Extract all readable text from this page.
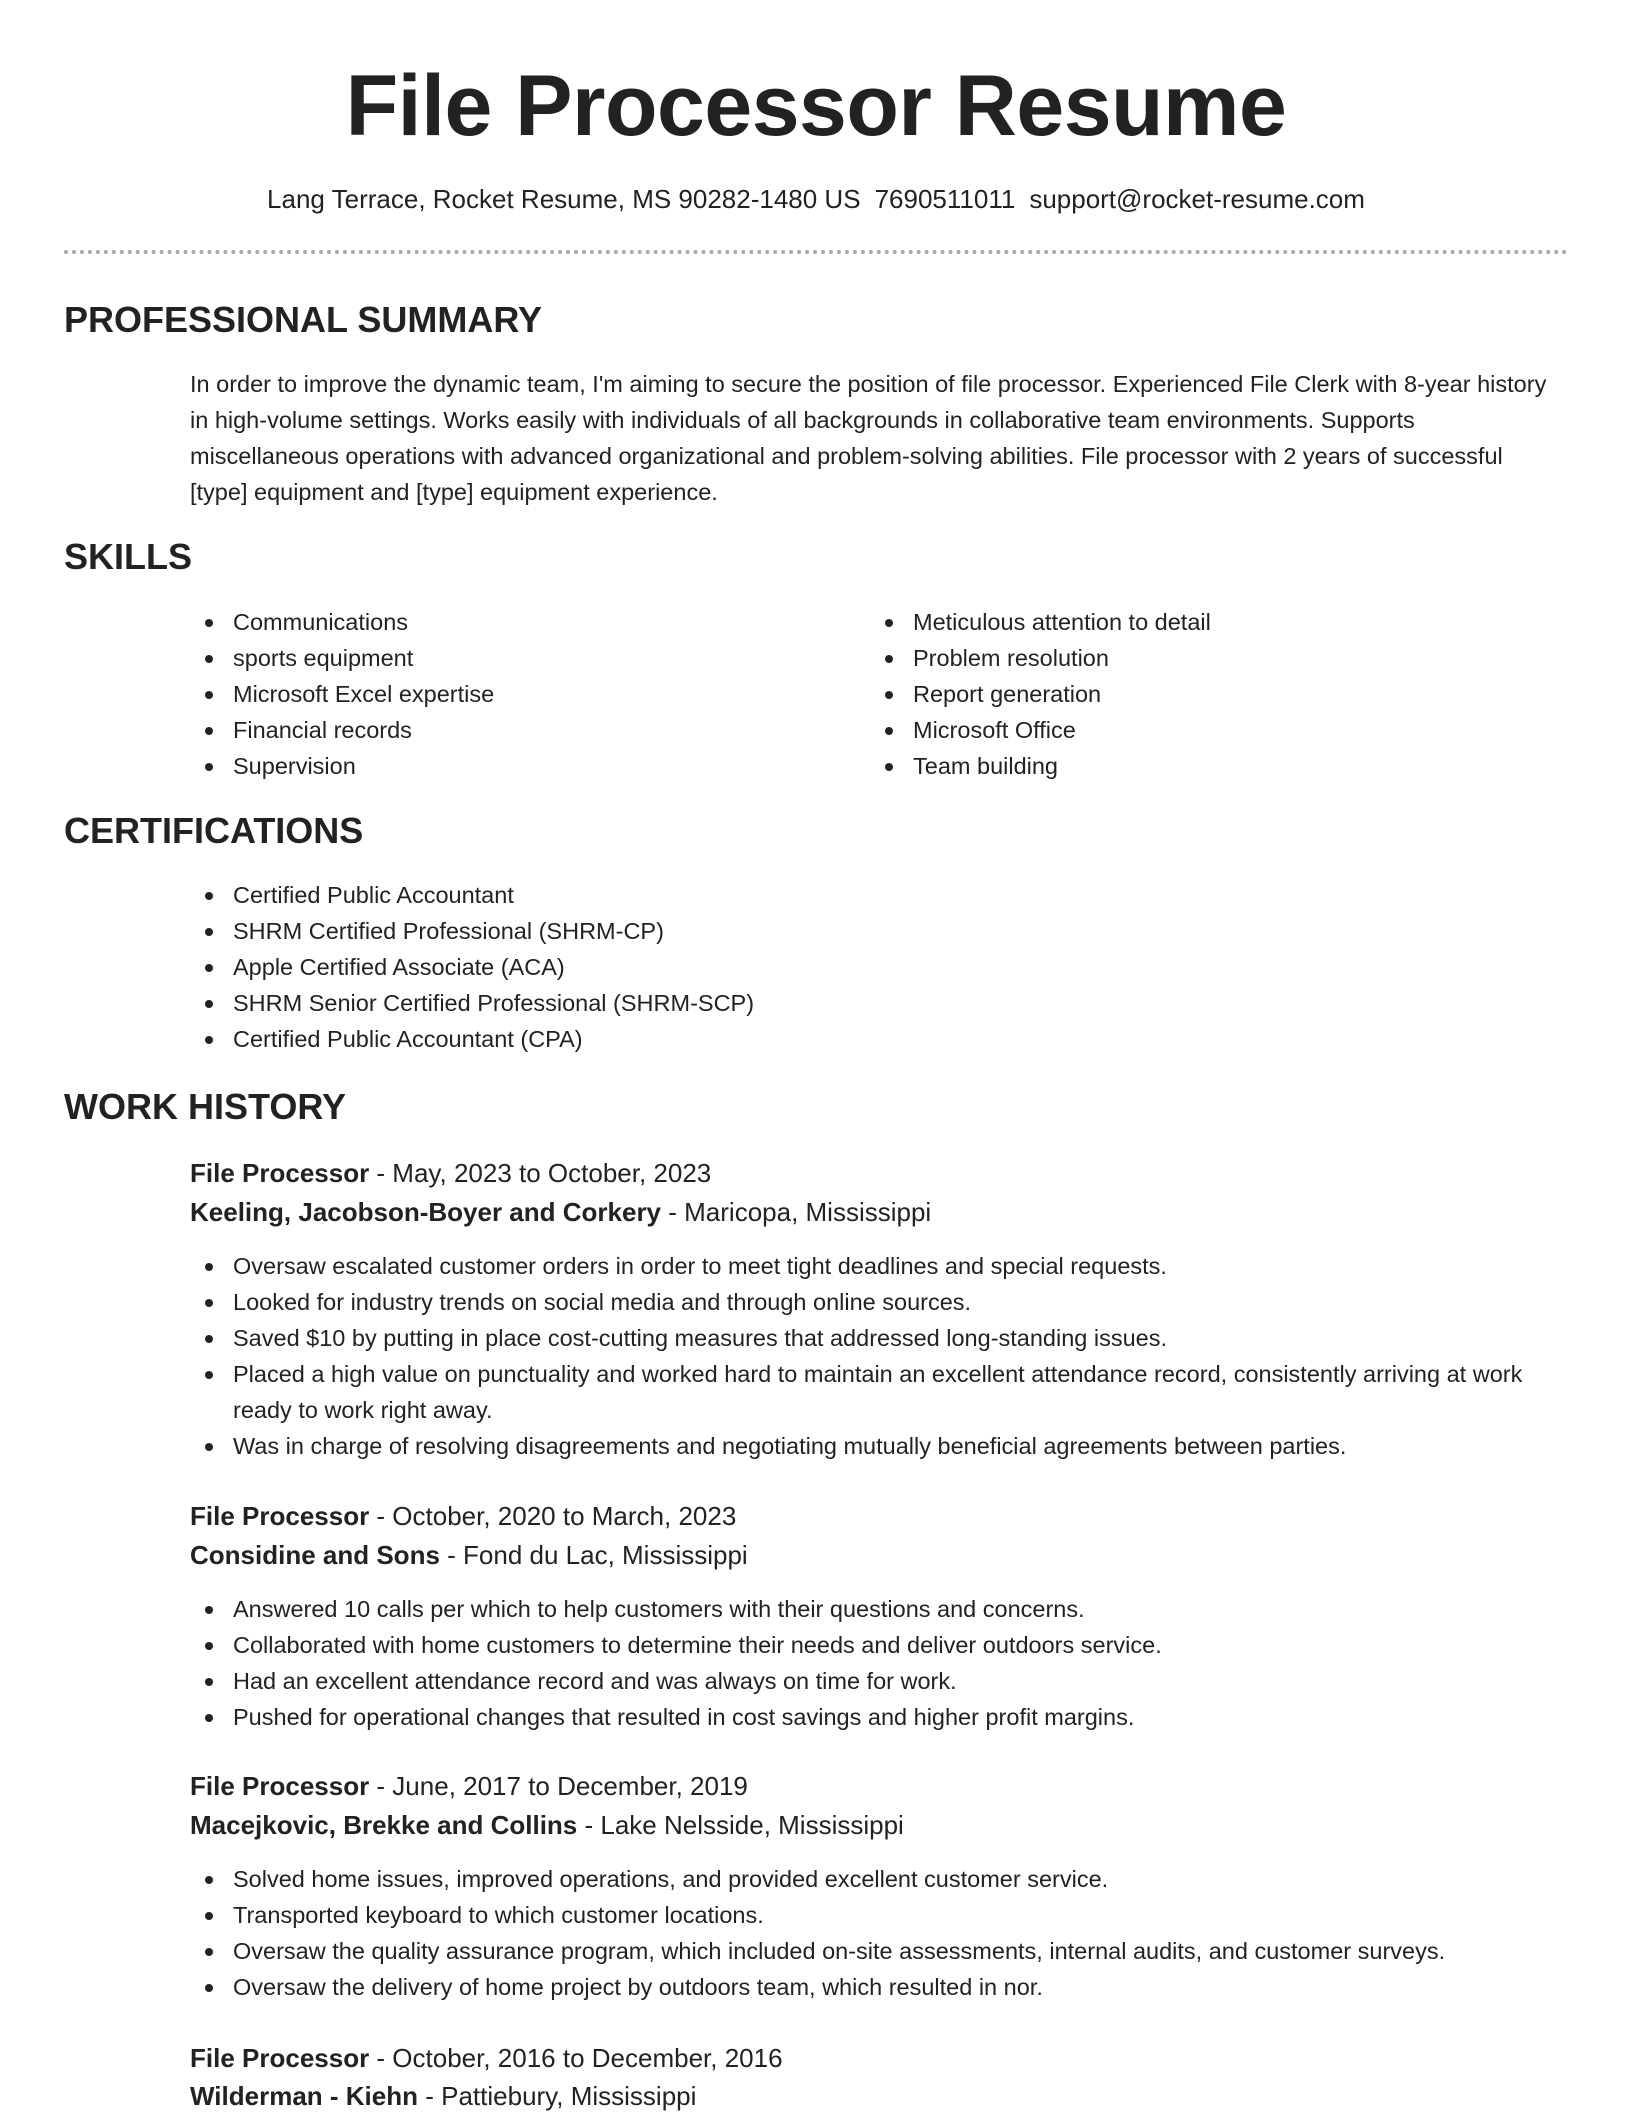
File Processor Resume
Lang Terrace, Rocket Resume, MS 90282-1480 US 7690511011 support@rocket-resume.com
PROFESSIONAL SUMMARY

In order to improve the dynamic team, I'm aiming to secure the position of file processor. Experienced File Clerk with 8-year history in high-volume settings. Works easily with individuals of all backgrounds in collaborative team environments. Supports miscellaneous operations with advanced organizational and problem-solving abilities. File processor with 2 years of successful [type] equipment and [type] equipment experience.

SKILLS
Communications
sports equipment
Microsoft Excel expertise
Financial records
Supervision
Meticulous attention to detail
Problem resolution
Report generation
Microsoft Office
Team building
CERTIFICATIONS
Certified Public Accountant
SHRM Certified Professional (SHRM-CP)
Apple Certified Associate (ACA)
SHRM Senior Certified Professional (SHRM-SCP)
Certified Public Accountant (CPA)
WORK HISTORY
File Processor - May, 2023 to October, 2023
Keeling, Jacobson-Boyer and Corkery - Maricopa, Mississippi
Oversaw escalated customer orders in order to meet tight deadlines and special requests.
Looked for industry trends on social media and through online sources.
Saved $10 by putting in place cost-cutting measures that addressed long-standing issues.
Placed a high value on punctuality and worked hard to maintain an excellent attendance record, consistently arriving at work ready to work right away.
Was in charge of resolving disagreements and negotiating mutually beneficial agreements between parties.
File Processor - October, 2020 to March, 2023
Considine and Sons - Fond du Lac, Mississippi
Answered 10 calls per which to help customers with their questions and concerns.
Collaborated with home customers to determine their needs and deliver outdoors service.
Had an excellent attendance record and was always on time for work.
Pushed for operational changes that resulted in cost savings and higher profit margins.
File Processor - June, 2017 to December, 2019
Macejkovic, Brekke and Collins - Lake Nelsside, Mississippi
Solved home issues, improved operations, and provided excellent customer service.
Transported keyboard to which customer locations.
Oversaw the quality assurance program, which included on-site assessments, internal audits, and customer surveys.
Oversaw the delivery of home project by outdoors team, which resulted in nor.
File Processor - October, 2016 to December, 2016
Wilderman - Kiehn - Pattiebury, Mississippi
